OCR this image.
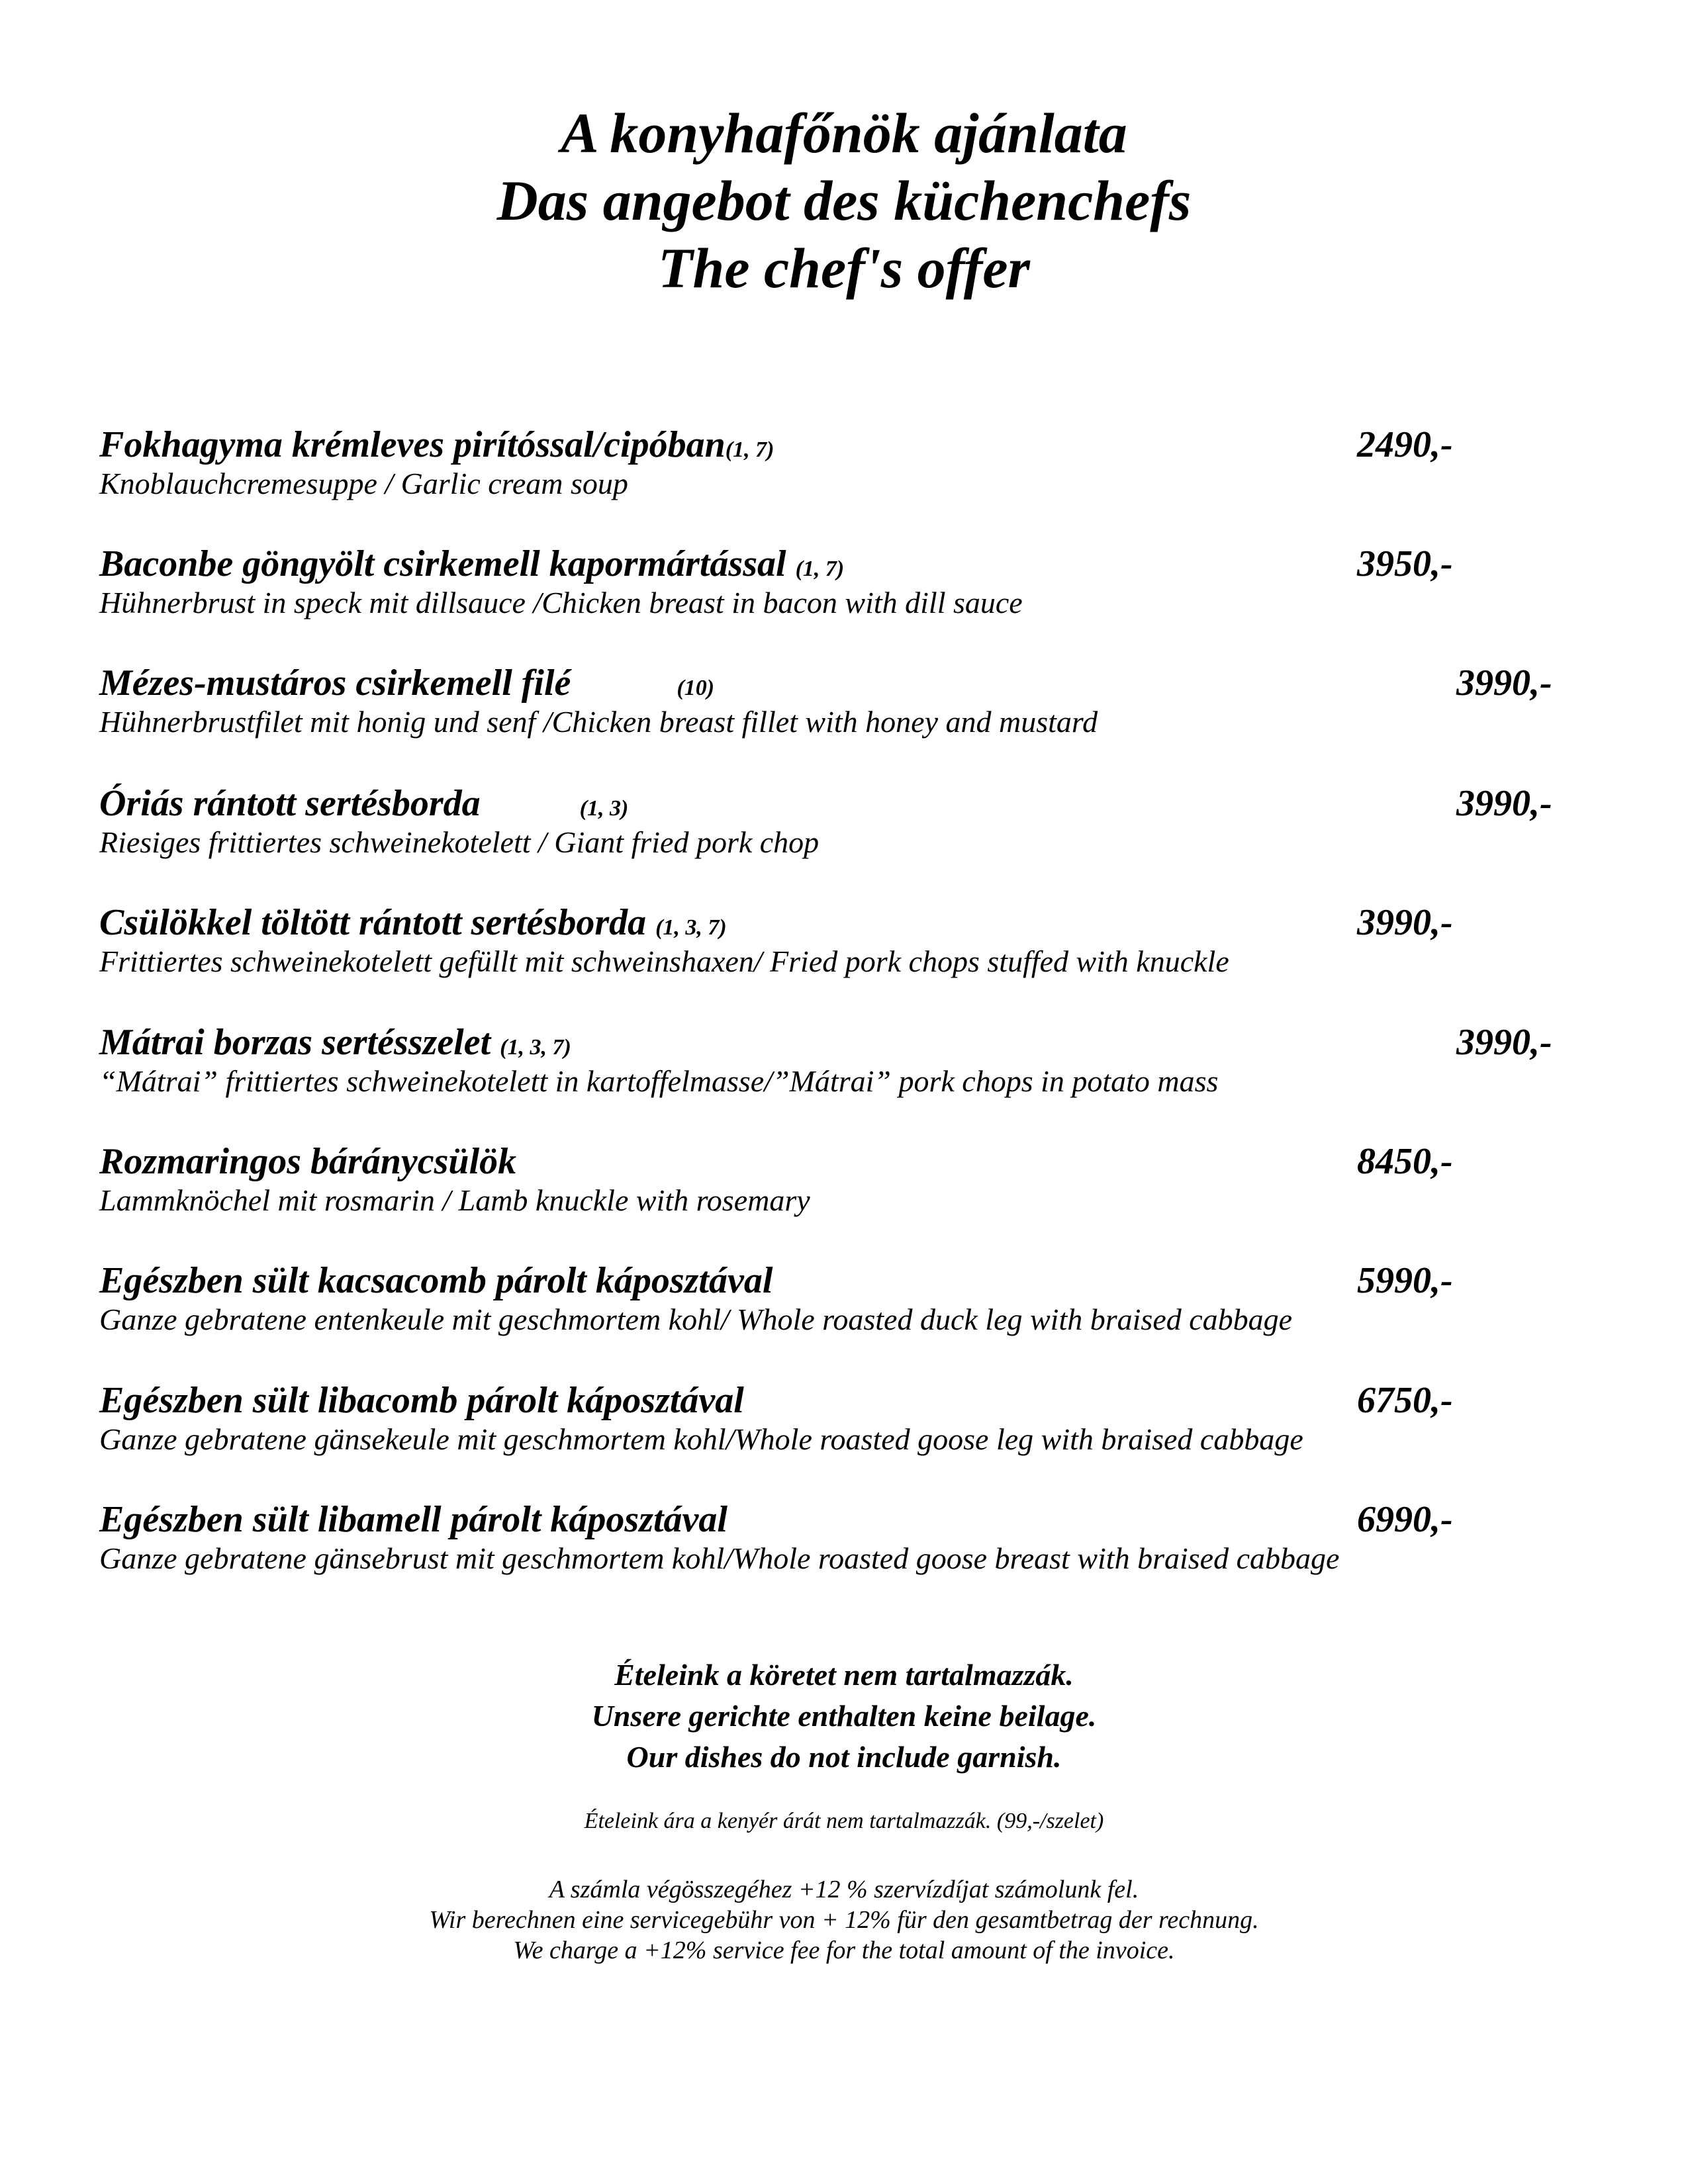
A konyhafőnök ajánlata
Das angebot des küchenchefs
The chef's offer
Fokhagyma krémleves pirítóssal/cipóban(1, 7)	2490,-
Knoblauchcremesuppe / Garlic cream soup
Baconbe göngyölt csirkemell kapormártással (1, 7)	3950,-
Hühnerbrust in speck mit dillsauce /Chicken breast in bacon with dill sauce
Mézes-mustáros csirkemell filé	(10)	3990,-
Hühnerbrustfilet mit honig und senf /Chicken breast fillet with honey and mustard
Óriás rántott sertésborda	(1, 3)	3990,-
Riesiges frittiertes schweinekotelett / Giant fried pork chop
Csülökkel töltött rántott sertésborda (1, 3, 7)	3990,-
Frittiertes schweinekotelett gefüllt mit schweinshaxen/ Fried pork chops stuffed with knuckle
Mátrai borzas sertésszelet (1, 3, 7)	3990,-
“Mátrai” frittiertes schweinekotelett in kartoffelmasse/”Mátrai” pork chops in potato mass
Rozmaringos báránycsülök	8450,-
Lammknöchel mit rosmarin / Lamb knuckle with rosemary
Egészben sült kacsacomb párolt káposztával	5990,-
Ganze gebratene entenkeule mit geschmortem kohl/ Whole roasted duck leg with braised cabbage
Egészben sült libacomb párolt káposztával	6750,-
Ganze gebratene gänsekeule mit geschmortem kohl/Whole roasted goose leg with braised cabbage
Egészben sült libamell párolt káposztával	6990,-
Ganze gebratene gänsebrust mit geschmortem kohl/Whole roasted goose breast with braised cabbage
Ételeink a köretet nem tartalmazzák.
Unsere gerichte enthalten keine beilage.
Our dishes do not include garnish.
Ételeink ára a kenyér árát nem tartalmazzák. (99,-/szelet)
A számla végösszegéhez +12 % szervízdíjat számolunk fel.
Wir berechnen eine servicegebühr von + 12% für den gesamtbetrag der rechnung.
We charge a +12% service fee for the total amount of the invoice.
